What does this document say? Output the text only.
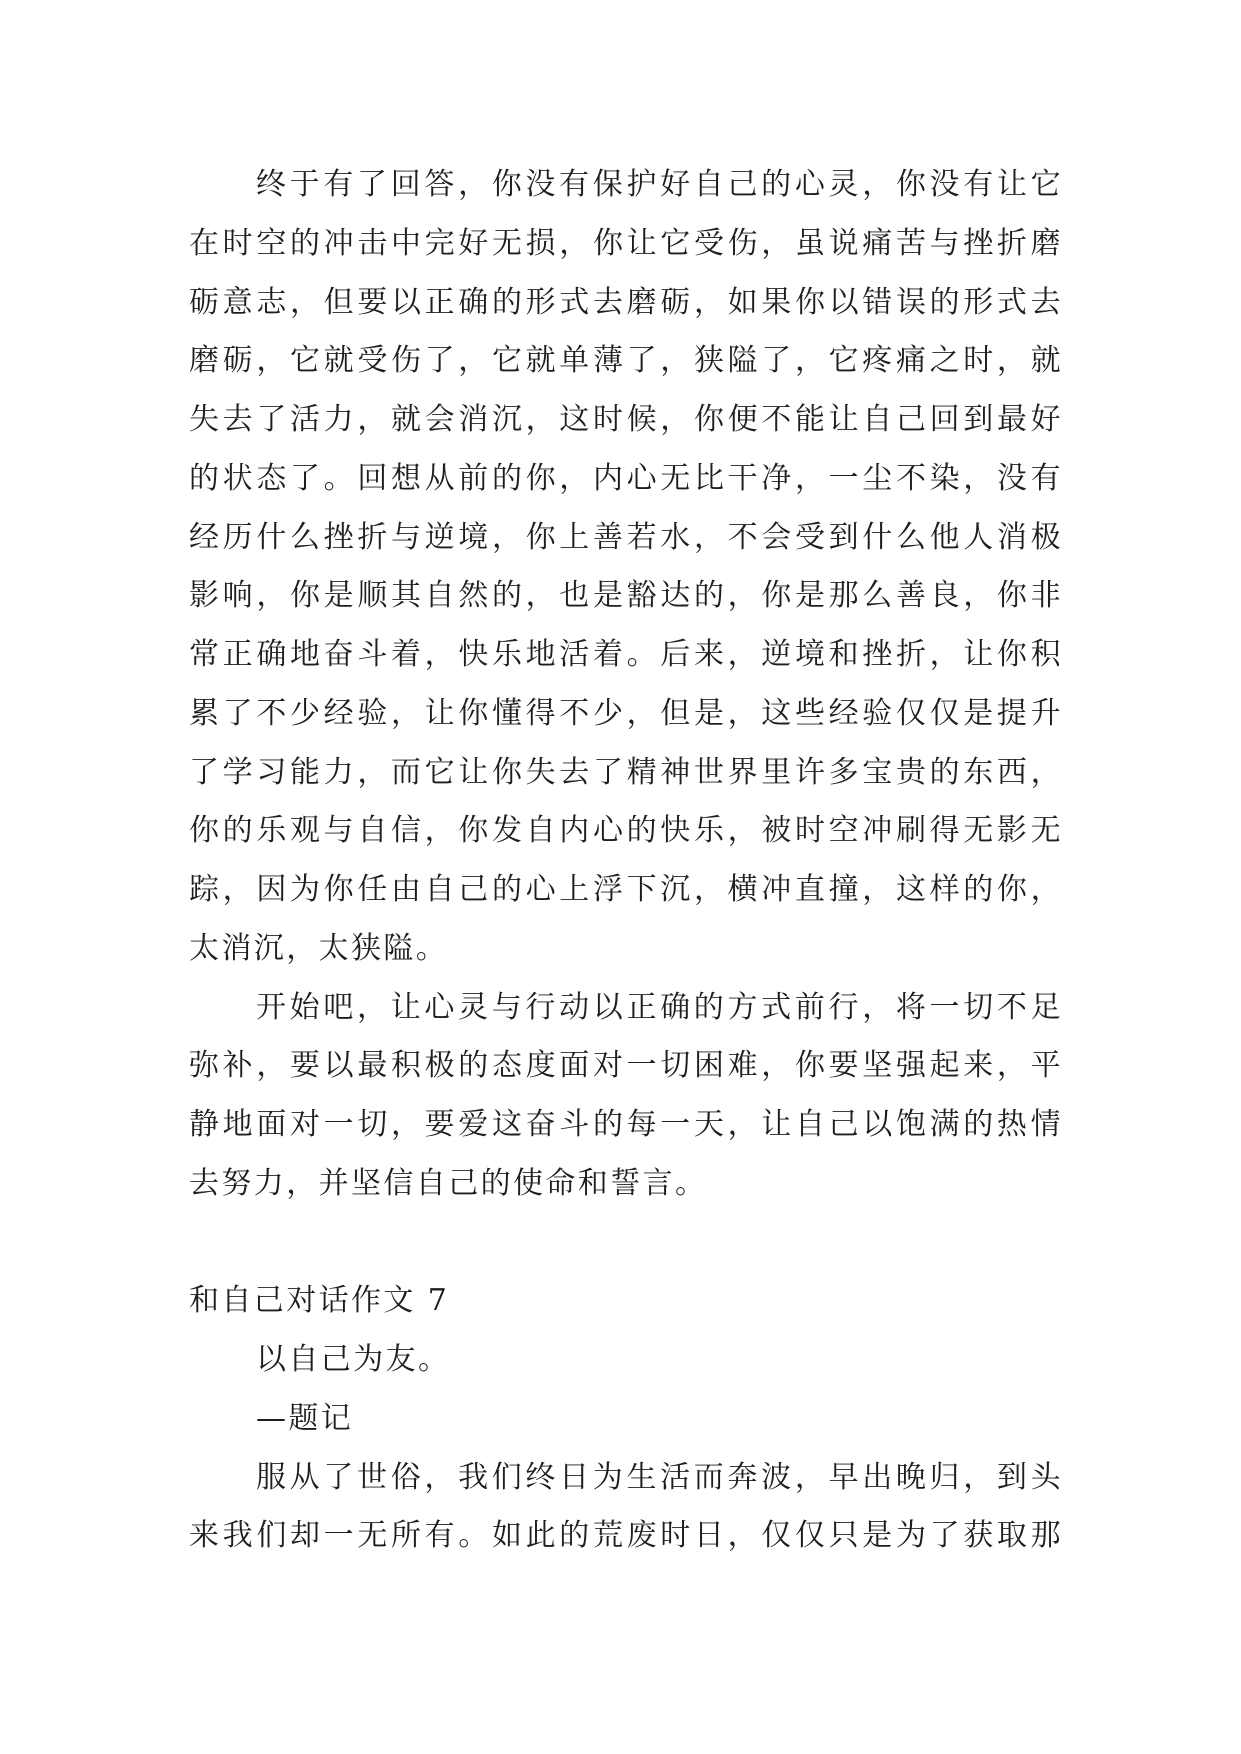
终于有了回答，你没有保护好自己的心灵，你没有让它
在时空的冲击中完好无损，你让它受伤，虽说痛苦与挫折磨
砺意志，但要以正确的形式去磨砺，如果你以错误的形式去
磨砺，它就受伤了，它就单薄了，狭隘了，它疼痛之时，就
失去了活力，就会消沉，这时候，你便不能让自己回到最好
的状态了。回想从前的你，内心无比干净，一尘不染，没有
经历什么挫折与逆境，你上善若水，不会受到什么他人消极
影响，你是顺其自然的，也是豁达的，你是那么善良，你非
常正确地奋斗着，快乐地活着。后来，逆境和挫折，让你积
累了不少经验，让你懂得不少，但是，这些经验仅仅是提升
了学习能力，而它让你失去了精神世界里许多宝贵的东西，
你的乐观与自信，你发自内心的快乐，被时空冲刷得无影无
踪，因为你任由自己的心上浮下沉，横冲直撞，这样的你，
太消沉，太狭隘。
开始吧，让心灵与行动以正确的方式前行，将一切不足
弥补，要以最积极的态度面对一切困难，你要坚强起来，平
静地面对一切，要爱这奋斗的每一天，让自己以饱满的热情
去努力，并坚信自己的使命和誓言。
和自己对话作文 7
以自己为友。
—题记
服从了世俗，我们终日为生活而奔波，早出晚归，到头
来我们却一无所有。如此的荒废时日，仅仅只是为了获取那
